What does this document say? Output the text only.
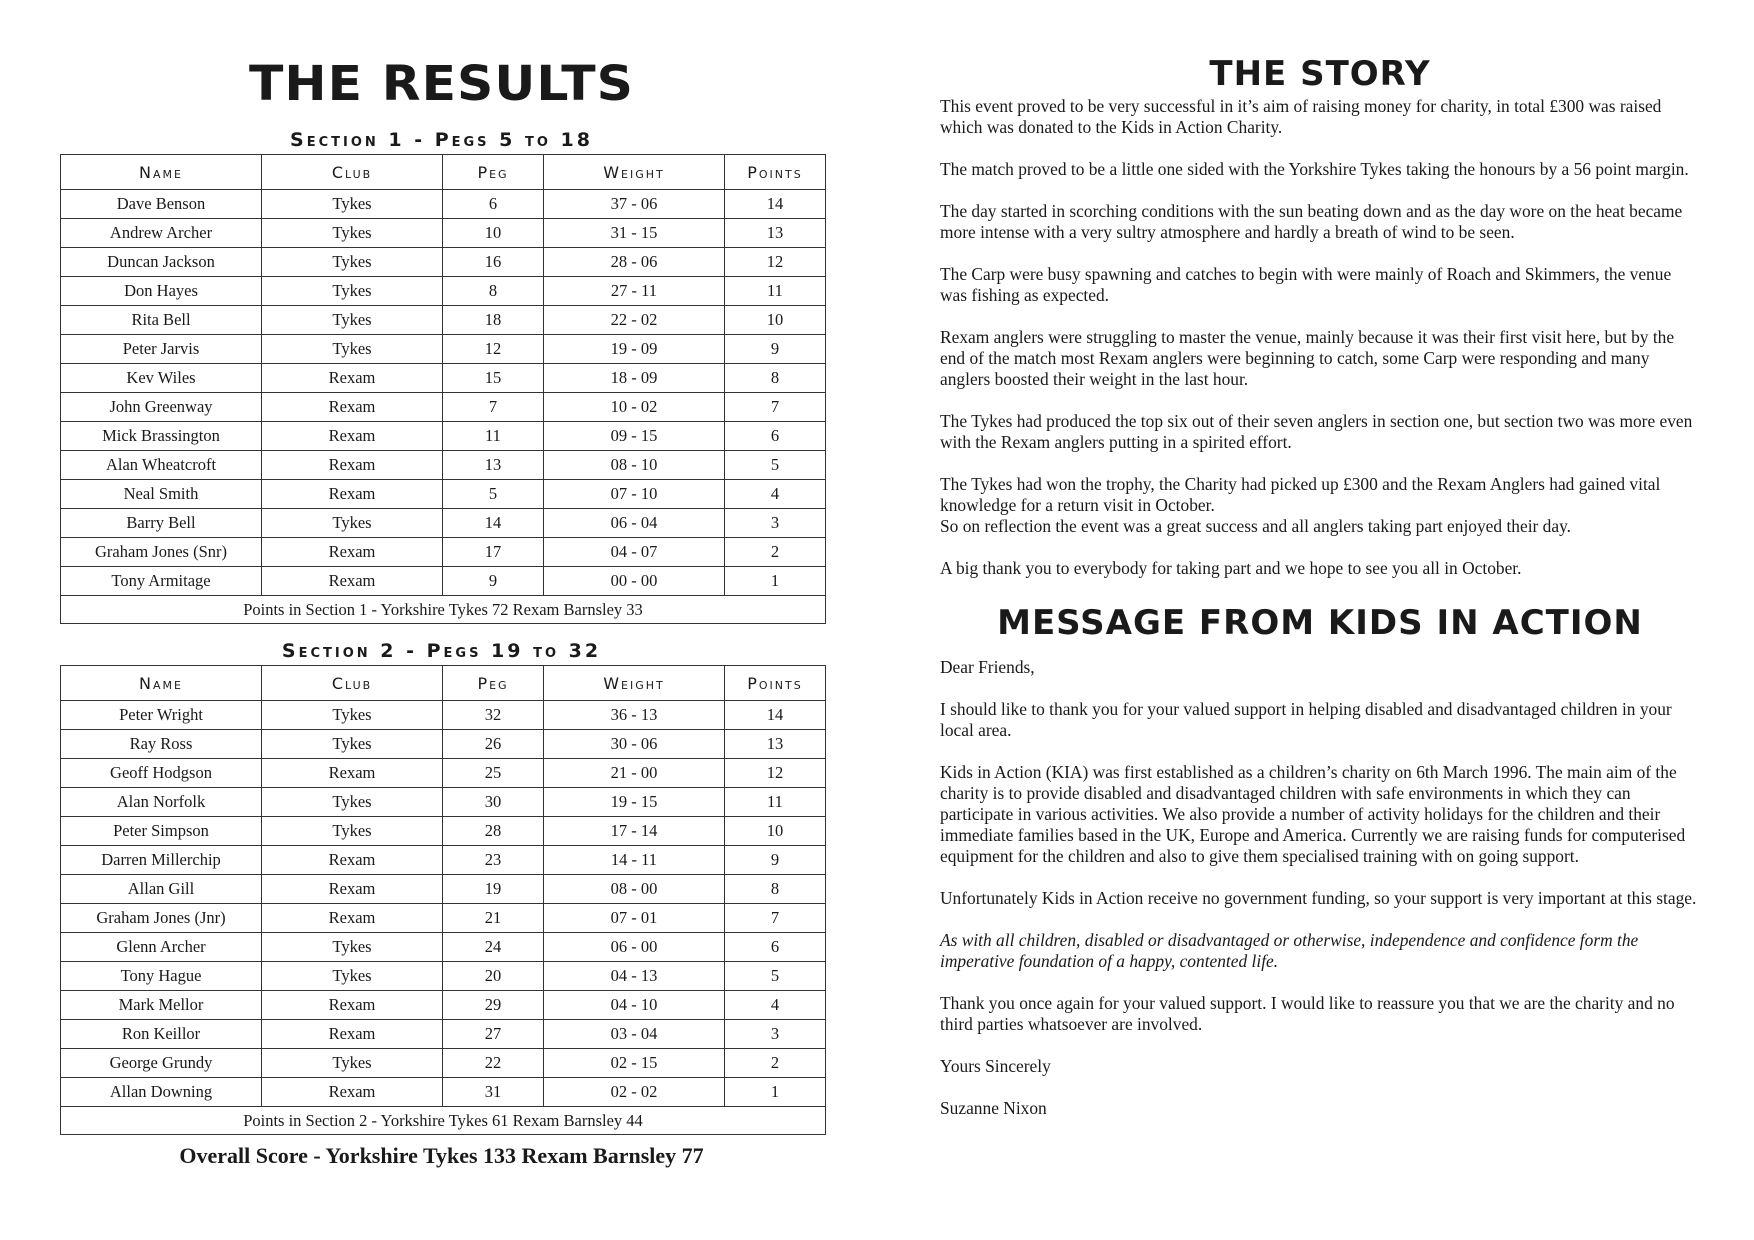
THE RESULTS
Section 1 - Pegs 5 to 18
Name	Club	Peg	Weight	Points
Dave Benson	Tykes	6	37 - 06	14
Andrew Archer	Tykes	10	31 - 15	13
Duncan Jackson	Tykes	16	28 - 06	12
Don Hayes	Tykes	8	27 - 11	11
Rita Bell	Tykes	18	22 - 02	10
Peter Jarvis	Tykes	12	19 - 09	9
Kev Wiles	Rexam	15	18 - 09	8
John Greenway	Rexam	7	10 - 02	7
Mick Brassington	Rexam	11	09 - 15	6
Alan Wheatcroft	Rexam	13	08 - 10	5
Neal Smith	Rexam	5	07 - 10	4
Barry Bell	Tykes	14	06 - 04	3
Graham Jones (Snr)	Rexam	17	04 - 07	2
Tony Armitage	Rexam	9	00 - 00	1
Points in Section 1 - Yorkshire Tykes 72 Rexam Barnsley 33				
Section 2 - Pegs 19 to 32
Name	Club	Peg	Weight	Points
Peter Wright	Tykes	32	36 - 13	14
Ray Ross	Tykes	26	30 - 06	13
Geoff Hodgson	Rexam	25	21 - 00	12
Alan Norfolk	Tykes	30	19 - 15	11
Peter Simpson	Tykes	28	17 - 14	10
Darren Millerchip	Rexam	23	14 - 11	9
Allan Gill	Rexam	19	08 - 00	8
Graham Jones (Jnr)	Rexam	21	07 - 01	7
Glenn Archer	Tykes	24	06 - 00	6
Tony Hague	Tykes	20	04 - 13	5
Mark Mellor	Rexam	29	04 - 10	4
Ron Keillor	Rexam	27	03 - 04	3
George Grundy	Tykes	22	02 - 15	2
Allan Downing	Rexam	31	02 - 02	1
Points in Section 2 - Yorkshire Tykes 61 Rexam Barnsley 44				
Overall Score - Yorkshire Tykes 133 Rexam Barnsley 77
THE STORY

This event proved to be very successful in it’s aim of raising money for charity, in total £300 was raised which was donated to the Kids in Action Charity.

The match proved to be a little one sided with the Yorkshire Tykes taking the honours by a 56 point margin.

The day started in scorching conditions with the sun beating down and as the day wore on the heat became more intense with a very sultry atmosphere and hardly a breath of wind to be seen.

The Carp were busy spawning and catches to begin with were mainly of Roach and Skimmers, the venue was fishing as expected.

Rexam anglers were struggling to master the venue, mainly because it was their first visit here, but by the end of the match most Rexam anglers were beginning to catch, some Carp were responding and many anglers boosted their weight in the last hour.

The Tykes had produced the top six out of their seven anglers in section one, but section two was more even with the Rexam anglers putting in a spirited effort.

The Tykes had won the trophy, the Charity had picked up £300 and the Rexam Anglers had gained vital knowledge for a return visit in October.

So on reflection the event was a great success and all anglers taking part enjoyed their day.

A big thank you to everybody for taking part and we hope to see you all in October.

MESSAGE FROM KIDS IN ACTION

Dear Friends,

I should like to thank you for your valued support in helping disabled and disadvantaged children in your local area.

Kids in Action (KIA) was first established as a children’s charity on 6th March 1996. The main aim of the charity is to provide disabled and disadvantaged children with safe environments in which they can participate in various activities. We also provide a number of activity holidays for the children and their immediate families based in the UK, Europe and America. Currently we are raising funds for computerised equipment for the children and also to give them specialised training with on going support.

Unfortunately Kids in Action receive no government funding, so your support is very important at this stage.

As with all children, disabled or disadvantaged or otherwise, independence and confidence form the imperative foundation of a happy, contented life.

Thank you once again for your valued support. I would like to reassure you that we are the charity and no third parties whatsoever are involved.

Yours Sincerely

Suzanne Nixon
